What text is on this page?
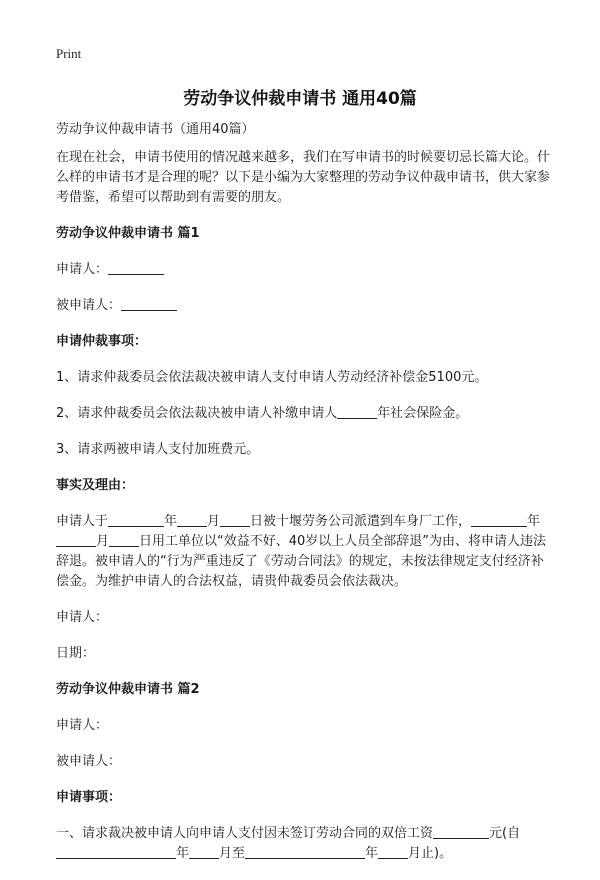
Print
劳动争议仲裁申请书 通用40篇

劳动争议仲裁申请书（通用40篇）

在现在社会，申请书使用的情况越来越多，我们在写申请书的时候要切忌长篇大论。什么样的申请书才是合理的呢？以下是小编为大家整理的劳动争议仲裁申请书，供大家参考借鉴，希望可以帮助到有需要的朋友。

劳动争议仲裁申请书 篇1

申请人：

被申请人：

申请仲裁事项：

1、请求仲裁委员会依法裁决被申请人支付申请人劳动经济补偿金5100元。

2、请求仲裁委员会依法裁决被申请人补缴申请人	年社会保险金。

3、请求两被申请人支付加班费元。

事实及理由：

申请人于	年 月 日被十堰劳务公司派遣到车身厂工作，	年
月 日用工单位以“效益不好、40岁以上人员全部辞退”为由、将申请人违法辞退。被申请人的“行为严重违反了《劳动合同法》的规定，未按法律规定支付经济补偿金。为维护申请人的合法权益，请贵仲裁委员会依法裁决。

申请人：

日期：

劳动争议仲裁申请书 篇2

申请人：

被申请人：

申请事项：

一、请求裁决被申请人向申请人支付因未签订劳动合同的双倍工资	元(自
年 月至	年 月止)。
